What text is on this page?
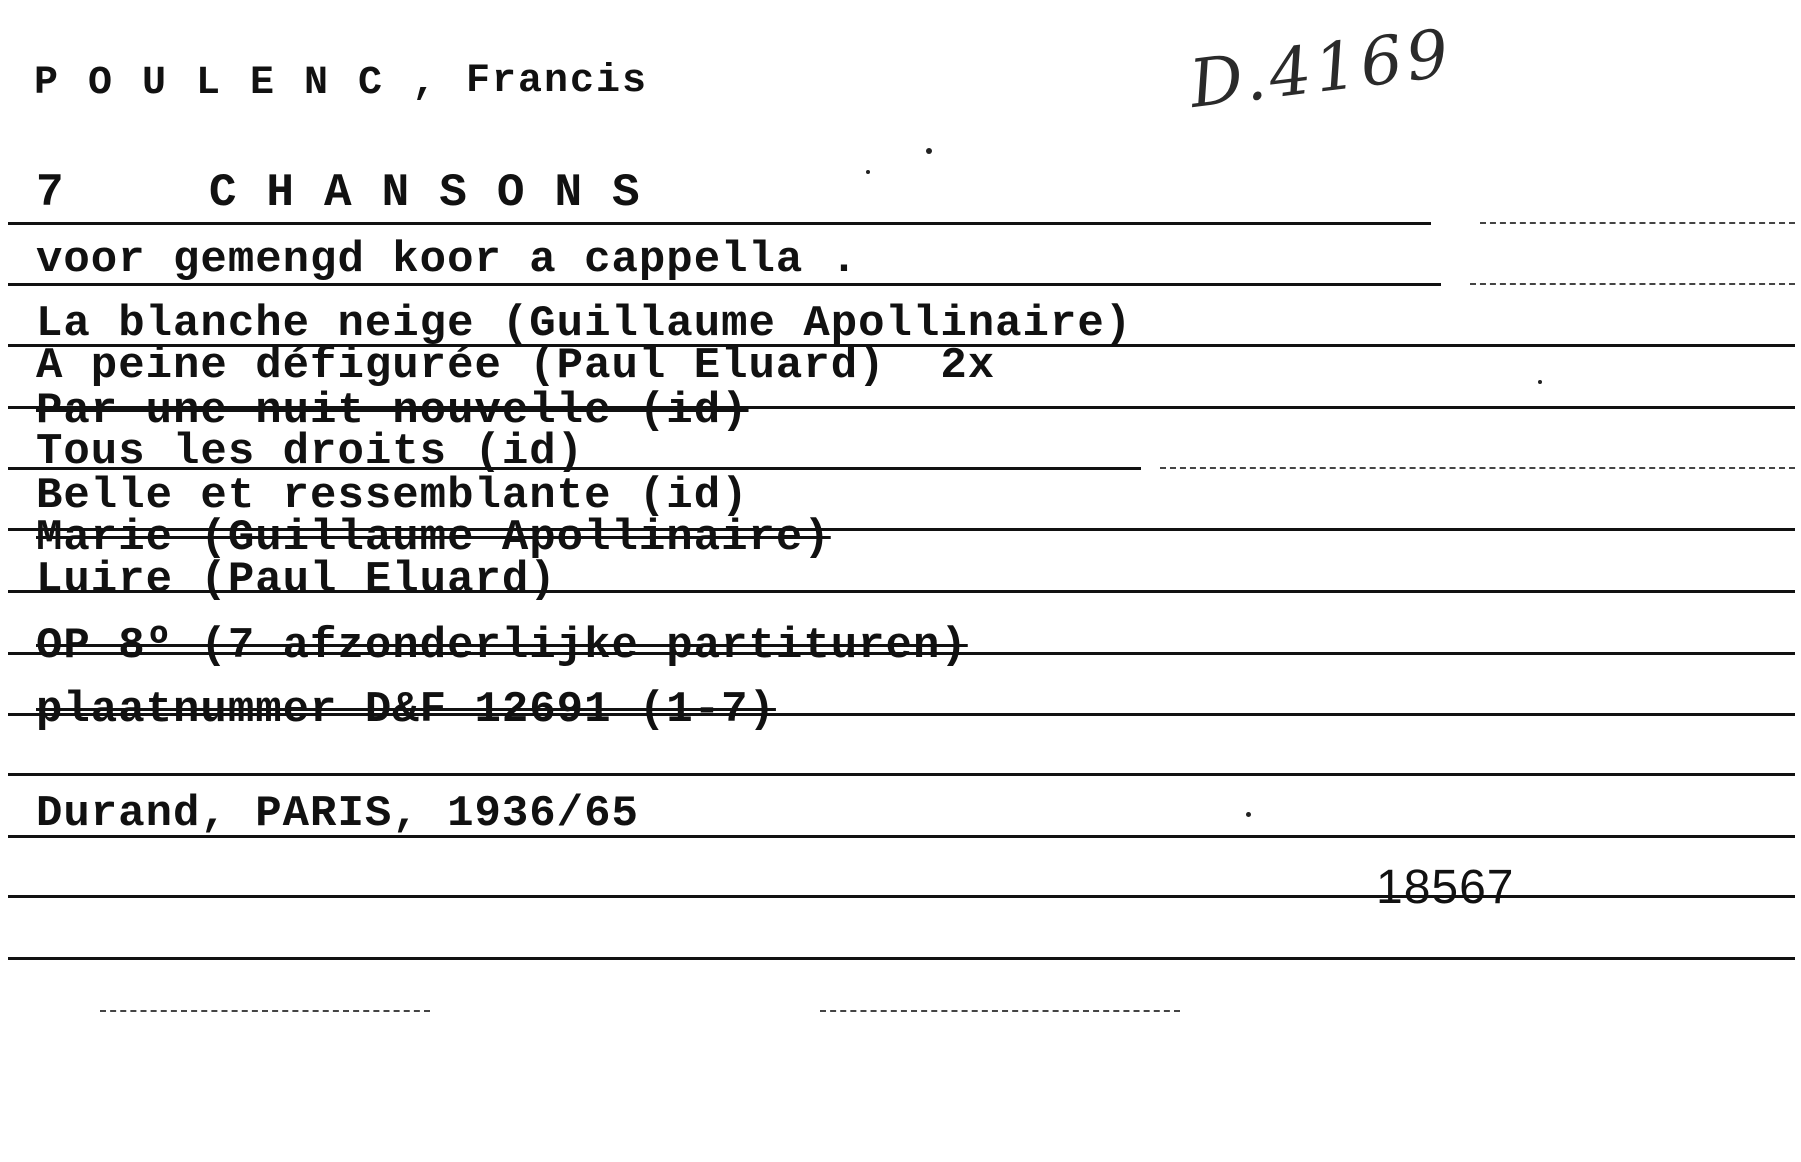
POULENC, Francis	D.4169
7  CHANSONS
voor gemengd koor a cappella .
La blanche neige (Guillaume Apollinaire)
A peine défigurée (Paul Eluard)  2x
Par une nuit nouvelle (id)
Tous les droits (id)
Belle et ressemblante (id)
Marie (Guillaume Apollinaire)
Luire (Paul Eluard)
OP 8º (7 afzonderlijke partituren)
plaatnummer D&F 12691 (1-7)
Durand, PARIS, 1936/65
18567
